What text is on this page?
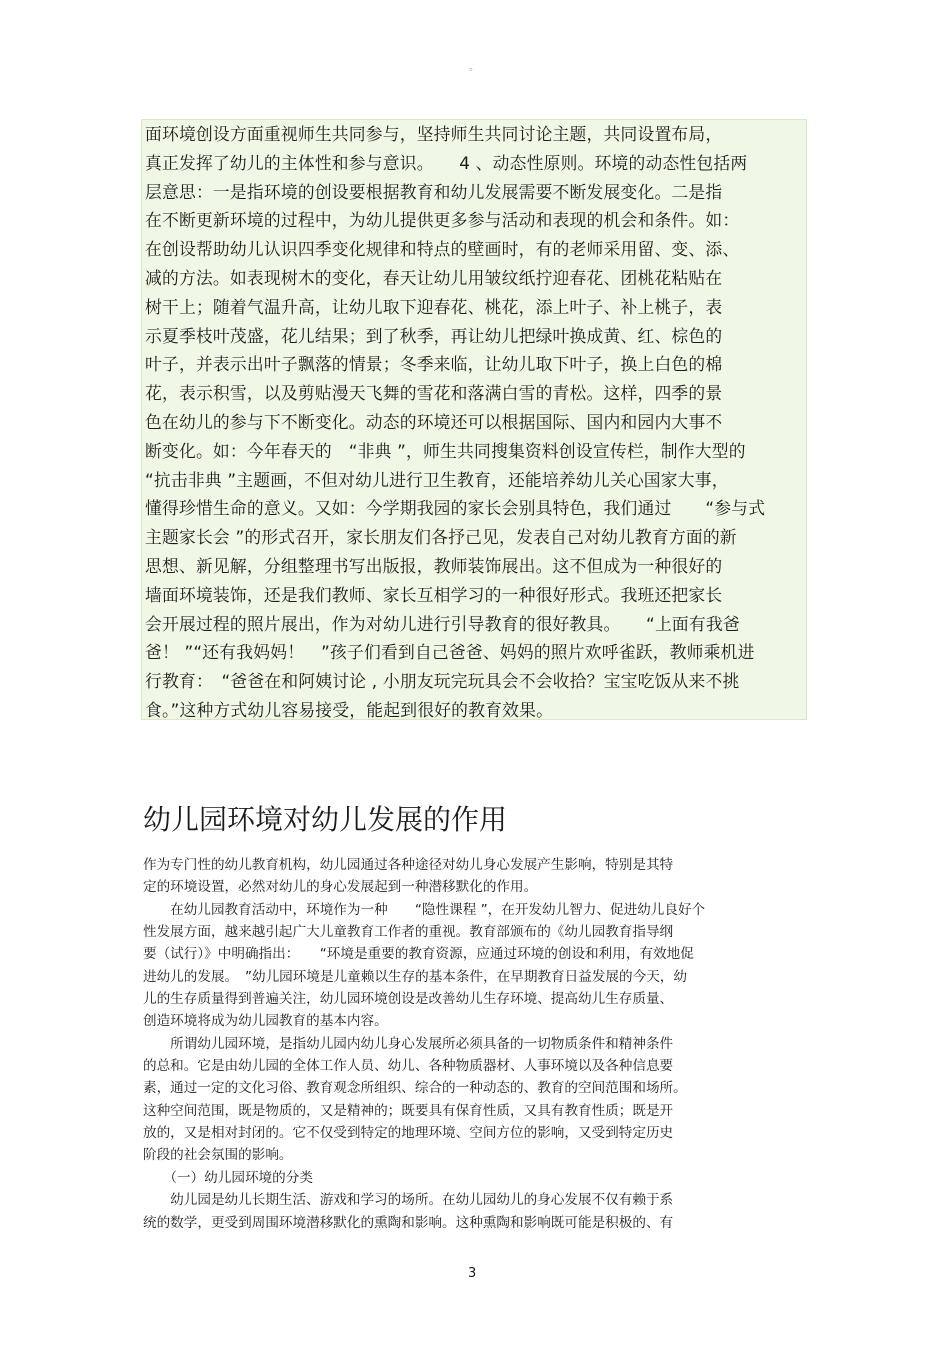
。
面环境创设方面重视师生共同参与，坚持师生共同讨论主题，共同设置布局，
真正发挥了幼儿的主体性和参与意识。　　4 、动态性原则。环境的动态性包括两
层意思：一是指环境的创设要根据教育和幼儿发展需要不断发展变化。二是指
在不断更新环境的过程中，为幼儿提供更多参与活动和表现的机会和条件。如：
在创设帮助幼儿认识四季变化规律和特点的壁画时，有的老师采用留、变、添、
减的方法。如表现树木的变化，春天让幼儿用皱纹纸拧迎春花、团桃花粘贴在
树干上；随着气温升高，让幼儿取下迎春花、桃花，添上叶子、补上桃子，表
示夏季枝叶茂盛，花儿结果；到了秋季，再让幼儿把绿叶换成黄、红、棕色的
叶子，并表示出叶子飘落的情景；冬季来临，让幼儿取下叶子，换上白色的棉
花，表示积雪，以及剪贴漫天飞舞的雪花和落满白雪的青松。这样，四季的景
色在幼儿的参与下不断变化。动态的环境还可以根据国际、国内和园内大事不
断变化。如：今年春天的　“非典 ”，师生共同搜集资料创设宣传栏，制作大型的
“抗击非典 ”主题画，不但对幼儿进行卫生教育，还能培养幼儿关心国家大事，
懂得珍惜生命的意义。又如：今学期我园的家长会别具特色，我们通过　　“参与式
主题家长会 ”的形式召开，家长朋友们各抒己见，发表自己对幼儿教育方面的新
思想、新见解，分组整理书写出版报，教师装饰展出。这不但成为一种很好的
墙面环境装饰，还是我们教师、家长互相学习的一种很好形式。我班还把家长
会开展过程的照片展出，作为对幼儿进行引导教育的很好教具。　　“上面有我爸
爸！ ”“还有我妈妈！　”孩子们看到自己爸爸、妈妈的照片欢呼雀跃，教师乘机进
行教育：　“爸爸在和阿姨讨论 , 小朋友玩完玩具会不会收拾？宝宝吃饭从来不挑
食。”这种方式幼儿容易接受，能起到很好的教育效果。
幼儿园环境对幼儿发展的作用
作为专门性的幼儿教育机构，幼儿园通过各种途径对幼儿身心发展产生影响，特别是其特
定的环境设置，必然对幼儿的身心发展起到一种潜移默化的作用。
　　在幼儿园教育活动中，环境作为一种　　“隐性课程 ”，在开发幼儿智力、促进幼儿良好个
性发展方面，越来越引起广大儿童教育工作者的重视。教育部颁布的《幼儿园教育指导纲
要（试行）》中明确指出：　　“环境是重要的教育资源，应通过环境的创设和利用，有效地促
进幼儿的发展。　”幼儿园环境是儿童赖以生存的基本条件，在早期教育日益发展的今天，幼
儿的生存质量得到普遍关注，幼儿园环境创设是改善幼儿生存环境、提高幼儿生存质量、
创造环境将成为幼儿园教育的基本内容。
　　所谓幼儿园环境，是指幼儿园内幼儿身心发展所必须具备的一切物质条件和精神条件
的总和。它是由幼儿园的全体工作人员、幼儿、各种物质器材、人事环境以及各种信息要
素，通过一定的文化习俗、教育观念所组织、综合的一种动态的、教育的空间范围和场所。
这种空间范围，既是物质的，又是精神的；既要具有保育性质，又具有教育性质；既是开
放的，又是相对封闭的。它不仅受到特定的地理环境、空间方位的影响，又受到特定历史
阶段的社会氛围的影响。
　　（一）幼儿园环境的分类
　　幼儿园是幼儿长期生活、游戏和学习的场所。在幼儿园幼儿的身心发展不仅有赖于系
统的数学，更受到周围环境潜移默化的熏陶和影响。这种熏陶和影响既可能是积极的、有
3
